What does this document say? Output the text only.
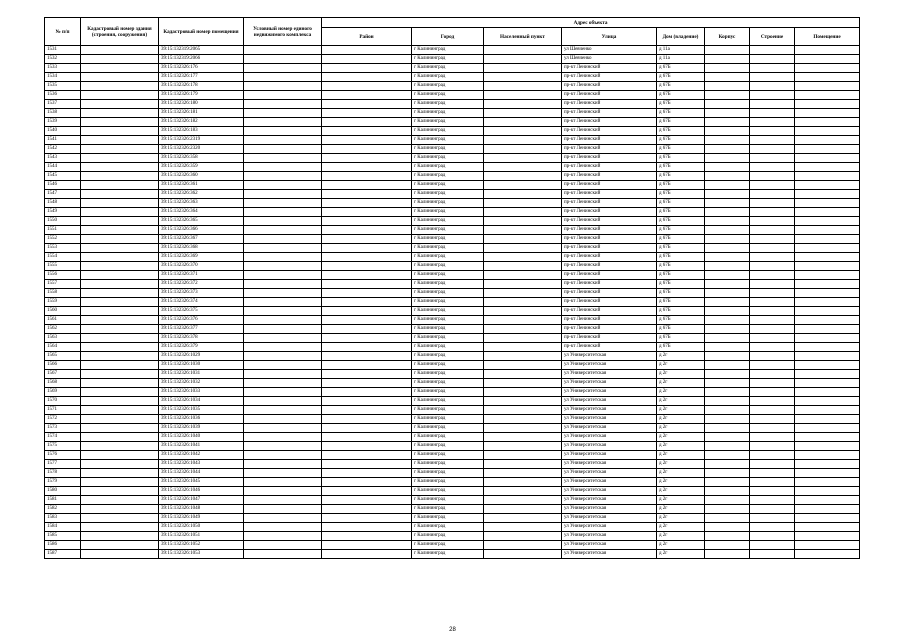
№ п/п	Кадастровый номер здания (строения, сооружения)	Кадастровый номер помещения	Условный номер единого недвижимого комплекса	Адрес объекта							
				Район	Город	Населенный пункт	Улица	Дом (владение)	Корпус	Строение	Помещение
1531		39:15:132319:2065			г Калининград		ул Шевченко	д 11а			
1532		39:15:132319:2066			г Калининград		ул Шевченко	д 11а			
1533		39:15:132326:176			г Калининград		пр-кт Ленинский	д 67Б			
1534		39:15:132326:177			г Калининград		пр-кт Ленинский	д 67Б			
1535		39:15:132326:178			г Калининград		пр-кт Ленинский	д 67Б			
1536		39:15:132326:179			г Калининград		пр-кт Ленинский	д 67Б			
1537		39:15:132326:180			г Калининград		пр-кт Ленинский	д 67Б			
1538		39:15:132326:181			г Калининград		пр-кт Ленинский	д 67Б			
1539		39:15:132326:182			г Калининград		пр-кт Ленинский	д 67Б			
1540		39:15:132326:183			г Калининград		пр-кт Ленинский	д 67Б			
1541		39:15:132326:2319			г Калининград		пр-кт Ленинский	д 67Б			
1542		39:15:132326:2320			г Калининград		пр-кт Ленинский	д 67Б			
1543		39:15:132326:358			г Калининград		пр-кт Ленинский	д 67Б			
1544		39:15:132326:359			г Калининград		пр-кт Ленинский	д 67Б			
1545		39:15:132326:360			г Калининград		пр-кт Ленинский	д 67Б			
1546		39:15:132326:361			г Калининград		пр-кт Ленинский	д 67Б			
1547		39:15:132326:362			г Калининград		пр-кт Ленинский	д 67Б			
1548		39:15:132326:363			г Калининград		пр-кт Ленинский	д 67Б			
1549		39:15:132326:364			г Калининград		пр-кт Ленинский	д 67Б			
1550		39:15:132326:365			г Калининград		пр-кт Ленинский	д 67Б			
1551		39:15:132326:366			г Калининград		пр-кт Ленинский	д 67Б			
1552		39:15:132326:367			г Калининград		пр-кт Ленинский	д 67Б			
1553		39:15:132326:368			г Калининград		пр-кт Ленинский	д 67Б			
1554		39:15:132326:369			г Калининград		пр-кт Ленинский	д 67Б			
1555		39:15:132326:370			г Калининград		пр-кт Ленинский	д 67Б			
1556		39:15:132326:371			г Калининград		пр-кт Ленинский	д 67Б			
1557		39:15:132326:372			г Калининград		пр-кт Ленинский	д 67Б			
1558		39:15:132326:373			г Калининград		пр-кт Ленинский	д 67Б			
1559		39:15:132326:374			г Калининград		пр-кт Ленинский	д 67Б			
1560		39:15:132326:375			г Калининград		пр-кт Ленинский	д 67Б			
1561		39:15:132326:376			г Калининград		пр-кт Ленинский	д 67Б			
1562		39:15:132326:377			г Калининград		пр-кт Ленинский	д 67Б			
1563		39:15:132326:378			г Калининград		пр-кт Ленинский	д 67Б			
1564		39:15:132326:379			г Калининград		пр-кт Ленинский	д 67Б			
1565		39:15:132326:1029			г Калининград		ул Университетская	д 2г			
1566		39:15:132326:1030			г Калининград		ул Университетская	д 2г			
1567		39:15:132326:1031			г Калининград		ул Университетская	д 2г			
1568		39:15:132326:1032			г Калининград		ул Университетская	д 2г			
1569		39:15:132326:1033			г Калининград		ул Университетская	д 2г			
1570		39:15:132326:1034			г Калининград		ул Университетская	д 2г			
1571		39:15:132326:1035			г Калининград		ул Университетская	д 2г			
1572		39:15:132326:1036			г Калининград		ул Университетская	д 2г			
1573		39:15:132326:1039			г Калининград		ул Университетская	д 2г			
1574		39:15:132326:1040			г Калининград		ул Университетская	д 2г			
1575		39:15:132326:1041			г Калининград		ул Университетская	д 2г			
1576		39:15:132326:1042			г Калининград		ул Университетская	д 2г			
1577		39:15:132326:1043			г Калининград		ул Университетская	д 2г			
1578		39:15:132326:1044			г Калининград		ул Университетская	д 2г			
1579		39:15:132326:1045			г Калининград		ул Университетская	д 2г			
1580		39:15:132326:1046			г Калининград		ул Университетская	д 2г			
1581		39:15:132326:1047			г Калининград		ул Университетская	д 2г			
1582		39:15:132326:1048			г Калининград		ул Университетская	д 2г			
1583		39:15:132326:1049			г Калининград		ул Университетская	д 2г			
1584		39:15:132326:1050			г Калининград		ул Университетская	д 2г			
1585		39:15:132326:1051			г Калининград		ул Университетская	д 2г			
1586		39:15:132326:1052			г Калининград		ул Университетская	д 2г			
1587		39:15:132326:1053			г Калининград		ул Университетская	д 2г			
28
